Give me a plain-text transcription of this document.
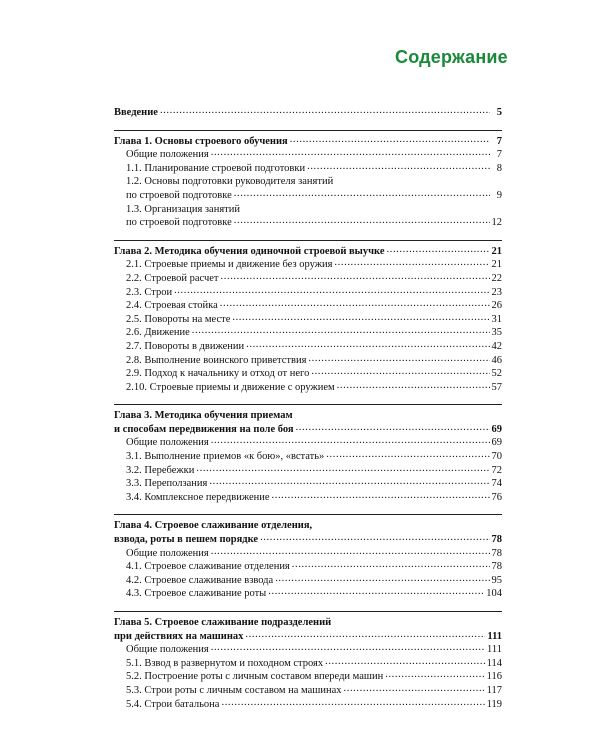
Содержание
Введение .....	5
Глава 1. Основы строевого обучения .....	7
Общие положения .....	7
1.1. Планирование строевой подготовки .....	8
1.2. Основы подготовки руководителя занятий
по строевой подготовке .....	9
1.3. Организация занятий
по строевой подготовке .....	12
Глава 2. Методика обучения одиночной строевой выучке .....	21
2.1. Строевые приемы и движение без оружия .....	21
2.2. Строевой расчет .....	22
2.3. Строи .....	23
2.4. Строевая стойка .....	26
2.5. Повороты на месте .....	31
2.6. Движение .....	35
2.7. Повороты в движении .....	42
2.8. Выполнение воинского приветствия .....	46
2.9. Подход к начальнику и отход от него .....	52
2.10. Строевые приемы и движение с оружием .....	57
Глава 3. Методика обучения приемам
и способам передвижения на поле боя .....	69
Общие положения .....	69
3.1. Выполнение приемов «к бою», «встать» .....	70
3.2. Перебежки .....	72
3.3. Переползания .....	74
3.4. Комплексное передвижение .....	76
Глава 4. Строевое слаживание отделения,
взвода, роты в пешем порядке .....	78
Общие положения .....	78
4.1. Строевое слаживание отделения .....	78
4.2. Строевое слаживание взвода .....	95
4.3. Строевое слаживание роты .....	104
Глава 5. Строевое слаживание подразделений
при действиях на машинах .....	111
Общие положения .....	111
5.1. Взвод в развернутом и походном строях .....	114
5.2. Построение роты с личным составом впереди машин .....	116
5.3. Строи роты с личным составом на машинах .....	117
5.4. Строи батальона .....	119
